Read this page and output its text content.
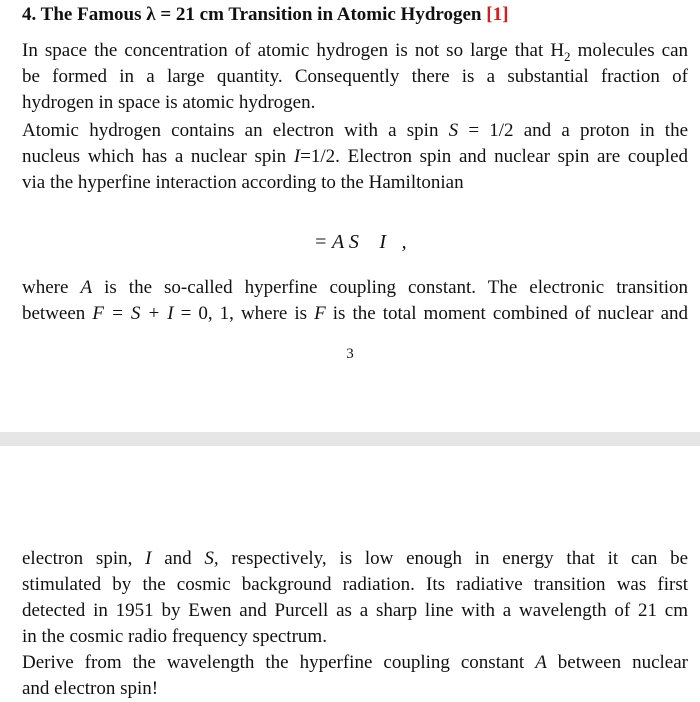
4. The Famous λ = 21 cm Transition in Atomic Hydrogen [1]

In space the concentration of atomic hydrogen is not so large that $H_2$ molecules can
be formed in a large quantity. Consequently there is a substantial fraction of
hydrogen in space is atomic hydrogen.

Atomic hydrogen contains an electron with a spin S = 1/2 and a proton in the
nucleus which has a nuclear spin I=1/2. Electron spin and nuclear spin are coupled
via the hyperfine interaction according to the Hamiltonian

ℋ = A S⃗ I⃗,

where A is the so-called hyperfine coupling constant. The electronic transition
between F = S + I = 0, 1, where is F is the total moment combined of nuclear and

3

electron spin, I and S, respectively, is low enough in energy that it can be
stimulated by the cosmic background radiation. Its radiative transition was first
detected in 1951 by Ewen and Purcell as a sharp line with a wavelength of 21 cm
in the cosmic radio frequency spectrum.

Derive from the wavelength the hyperfine coupling constant A between nuclear
and electron spin!
